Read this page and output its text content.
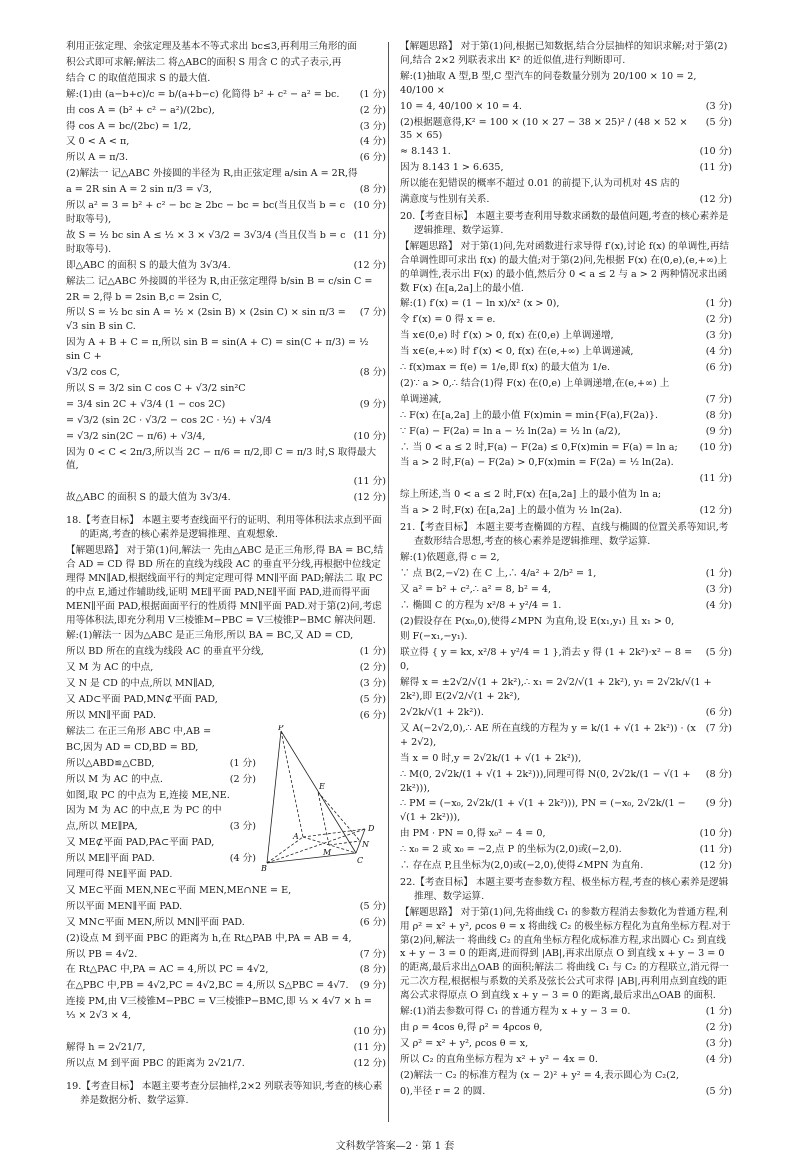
利用正弦定理、余弦定理及基本不等式求出 bc≤3,再利用三角形的面

积公式即可求解;解法二 将△ABC的面积 S 用含 C 的式子表示,再

结合 C 的取值范围求 S 的最大值.

解:(1)由 (a−b+c)/c = b/(a+b−c) 化简得 b² + c² − a² = bc.	(1 分)
由 cos A = (b² + c² − a²)/(2bc),	(2 分)
得 cos A = bc/(2bc) = 1/2,	(3 分)
又 0 < A < π,	(4 分)
所以 A = π/3.	(6 分)
(2)解法一 记△ABC 外接圆的半径为 R,由正弦定理 a/sin A = 2R,得
a = 2R sin A = 2 sin π/3 = √3,	(8 分)
所以 a² = 3 = b² + c² − bc ≥ 2bc − bc = bc(当且仅当 b = c 时取等号),
(10 分)
故 S = ½ bc sin A ≤ ½ × 3 × √3/2 = 3√3/4 (当且仅当 b = c 时取等号).
(11 分)
即△ABC 的面积 S 的最大值为 3√3/4.	(12 分)
解法二 记△ABC 外接圆的半径为 R,由正弦定理得 b/sin B = c/sin C =
2R = 2,得 b = 2sin B,c = 2sin C,
所以 S = ½ bc sin A = ½ × (2sin B) × (2sin C) × sin π/3 = √3 sin B sin C.
(7 分)
因为 A + B + C = π,所以 sin B = sin(A + C) = sin(C + π/3) = ½ sin C +
√3/2 cos C,	(8 分)
所以 S = 3/2 sin C cos C + √3/2 sin²C
= 3/4 sin 2C + √3/4 (1 − cos 2C)	(9 分)
= √3/2 (sin 2C · √3/2 − cos 2C · ½) + √3/4
= √3/2 sin(2C − π/6) + √3/4,	(10 分)
因为 0 < C < 2π/3,所以当 2C − π/6 = π/2,即 C = π/3 时,S 取得最大值,
(11 分)
故△ABC 的面积 S 的最大值为 3√3/4.	(12 分)

18.【考查目标】 本题主要考查线面平行的证明、利用等体积法求点到平面的距离,考查的核心素养是逻辑推理、直观想象.

【解题思路】 对于第(1)问,解法一 先由△ABC 是正三角形,得 BA = BC,结合 AD = CD 得 BD 所在的直线为线段 AC 的垂直平分线,再根据中位线定理得 MN∥AD,根据线面平行的判定定理可得 MN∥平面 PAD;解法二 取 PC 的中点 E,通过作辅助线,证明 ME∥平面 PAD,NE∥平面 PAD,进而得平面 MEN∥平面 PAD,根据面面平行的性质得 MN∥平面 PAD.对于第(2)问,考虑用等体积法,即充分利用 V三棱锥M−PBC = V三棱锥P−BMC 解决问题.

解:(1)解法一 因为△ABC 是正三角形,所以 BA = BC,又 AD = CD,
所以 BD 所在的直线为线段 AC 的垂直平分线,	(1 分)
又 M 为 AC 的中点,	(2 分)
又 N 是 CD 的中点,所以 MN∥AD,	(3 分)
又 AD⊂平面 PAD,MN⊄平面 PAD,	(5 分)
所以 MN∥平面 PAD.	(6 分)
解法二 在正三角形 ABC 中,AB =
BC,因为 AD = CD,BD = BD,
所以△ABD≌△CBD,	(1 分)
所以 M 为 AC 的中点.	(2 分)
如图,取 PC 的中点为 E,连接 ME,NE.
因为 M 为 AC 的中点,E 为 PC 的中
点,所以 ME∥PA,	(3 分)
又 ME⊄平面 PAD,PA⊂平面 PAD,
所以 ME∥平面 PAD.	(4 分)
同理可得 NE∥平面 PAD.
P
B
C
A
D
M
N
E
又 ME⊂平面 MEN,NE⊂平面 MEN,ME∩NE = E,
所以平面 MEN∥平面 PAD.	(5 分)
又 MN⊂平面 MEN,所以 MN∥平面 PAD.	(6 分)
(2)设点 M 到平面 PBC 的距离为 h,在 Rt△PAB 中,PA = AB = 4,
所以 PB = 4√2.	(7 分)
在 Rt△PAC 中,PA = AC = 4,所以 PC = 4√2,	(8 分)
在△PBC 中,PB = 4√2,PC = 4√2,BC = 4,所以 S△PBC = 4√7.	(9 分)
连接 PM,由 V三棱锥M−PBC = V三棱锥P−BMC,即 ⅓ × 4√7 × h = ⅓ × 2√3 × 4,
(10 分)
解得 h = 2√21/7,	(11 分)
所以点 M 到平面 PBC 的距离为 2√21/7.	(12 分)

19.【考查目标】 本题主要考查分层抽样,2×2 列联表等知识,考查的核心素养是数据分析、数学运算.

【解题思路】 对于第(1)问,根据已知数据,结合分层抽样的知识求解;对于第(2)问,结合 2×2 列联表求出 K² 的近似值,进行判断即可.

解:(1)抽取 A 型,B 型,C 型汽车的问卷数量分别为 20/100 × 10 = 2, 40/100 ×
10 = 4, 40/100 × 10 = 4.	(3 分)
(2)根据题意得,K² = 100 × (10 × 27 − 38 × 25)² / (48 × 52 × 35 × 65)
(5 分)
≈ 8.143 1.	(10 分)
因为 8.143 1 > 6.635,	(11 分)
所以能在犯错误的概率不超过 0.01 的前提下,认为司机对 4S 店的
满意度与性别有关系.	(12 分)

20.【考查目标】 本题主要考查利用导数求函数的最值问题,考查的核心素养是逻辑推理、数学运算.

【解题思路】 对于第(1)问,先对函数进行求导得 f′(x),讨论 f(x) 的单调性,再结合单调性即可求出 f(x) 的最大值;对于第(2)问,先根据 F(x) 在(0,e),(e,+∞)上的单调性,表示出 F(x) 的最小值,然后分 0 < a ≤ 2 与 a > 2 两种情况求出函数 F(x) 在[a,2a]上的最小值.

解:(1) f′(x) = (1 − ln x)/x² (x > 0),	(1 分)
令 f′(x) = 0 得 x = e.	(2 分)
当 x∈(0,e) 时 f′(x) > 0, f(x) 在(0,e) 上单调递增,	(3 分)
当 x∈(e,+∞) 时 f′(x) < 0, f(x) 在(e,+∞) 上单调递减,	(4 分)
∴ f(x)max = f(e) = 1/e,即 f(x) 的最大值为 1/e.	(6 分)
(2)∵ a > 0,∴ 结合(1)得 F(x) 在(0,e) 上单调递增,在(e,+∞) 上
单调递减,	(7 分)
∴ F(x) 在[a,2a] 上的最小值 F(x)min = min{F(a),F(2a)}.	(8 分)
∵ F(a) − F(2a) = ln a − ½ ln(2a) = ½ ln (a/2),	(9 分)
∴ 当 0 < a ≤ 2 时,F(a) − F(2a) ≤ 0,F(x)min = F(a) = ln a;	(10 分)
当 a > 2 时,F(a) − F(2a) > 0,F(x)min = F(2a) = ½ ln(2a).
(11 分)
综上所述,当 0 < a ≤ 2 时,F(x) 在[a,2a] 上的最小值为 ln a;
当 a > 2 时,F(x) 在[a,2a] 上的最小值为 ½ ln(2a).	(12 分)

21.【考查目标】 本题主要考查椭圆的方程、直线与椭圆的位置关系等知识,考查数形结合思想,考查的核心素养是逻辑推理、数学运算.

解:(1)依题意,得 c = 2,
∵ 点 B(2,−√2) 在 C 上,∴ 4/a² + 2/b² = 1,	(1 分)
又 a² = b² + c²,∴ a² = 8, b² = 4,	(3 分)
∴ 椭圆 C 的方程为 x²/8 + y²/4 = 1.	(4 分)
(2)假设存在 P(x₀,0),使得∠MPN 为直角,设 E(x₁,y₁) 且 x₁ > 0,
则 F(−x₁,−y₁).
联立得 { y = kx, x²/8 + y²/4 = 1 },消去 y 得 (1 + 2k²)·x² − 8 = 0,
(5 分)
解得 x = ±2√2/√(1 + 2k²),∴ x₁ = 2√2/√(1 + 2k²), y₁ = 2√2k/√(1 + 2k²),即 E(2√2/√(1 + 2k²),
2√2k/√(1 + 2k²)).	(6 分)
又 A(−2√2,0),∴ AE 所在直线的方程为 y = k/(1 + √(1 + 2k²)) · (x + 2√2),
(7 分)
当 x = 0 时,y = 2√2k/(1 + √(1 + 2k²)),
∴ M(0, 2√2k/(1 + √(1 + 2k²))),同理可得 N(0, 2√2k/(1 − √(1 + 2k²))),
(8 分)
∴ PM = (−x₀, 2√2k/(1 + √(1 + 2k²))), PN = (−x₀, 2√2k/(1 − √(1 + 2k²))),
(9 分)
由 PM · PN = 0,得 x₀² − 4 = 0,	(10 分)
∴ x₀ = 2 或 x₀ = −2,点 P 的坐标为(2,0)或(−2,0).	(11 分)
∴ 存在点 P,且坐标为(2,0)或(−2,0),使得∠MPN 为直角.	(12 分)

22.【考查目标】 本题主要考查参数方程、极坐标方程,考查的核心素养是逻辑推理、数学运算.

【解题思路】 对于第(1)问,先将曲线 C₁ 的参数方程消去参数化为普通方程,利用 ρ² = x² + y², ρcos θ = x 将曲线 C₂ 的极坐标方程化为直角坐标方程.对于第(2)问,解法一 将曲线 C₂ 的直角坐标方程化成标准方程,求出圆心 C₂ 到直线 x + y − 3 = 0 的距离,进而得到 |AB|,再求出原点 O 到直线 x + y − 3 = 0 的距离,最后求出△OAB 的面积;解法二 将曲线 C₁ 与 C₂ 的方程联立,消元得一元二次方程,根据根与系数的关系及弦长公式可求得 |AB|,再利用点到直线的距离公式求得原点 O 到直线 x + y − 3 = 0 的距离,最后求出△OAB 的面积.

解:(1)消去参数可得 C₁ 的普通方程为 x + y − 3 = 0.	(1 分)
由 ρ = 4cos θ,得 ρ² = 4ρcos θ,	(2 分)
又 ρ² = x² + y², ρcos θ = x,	(3 分)
所以 C₂ 的直角坐标方程为 x² + y² − 4x = 0.	(4 分)
(2)解法一 C₂ 的标准方程为 (x − 2)² + y² = 4,表示圆心为 C₂(2,
0),半径 r = 2 的圆.	(5 分)
文科数学答案—2 · 第 1 套
